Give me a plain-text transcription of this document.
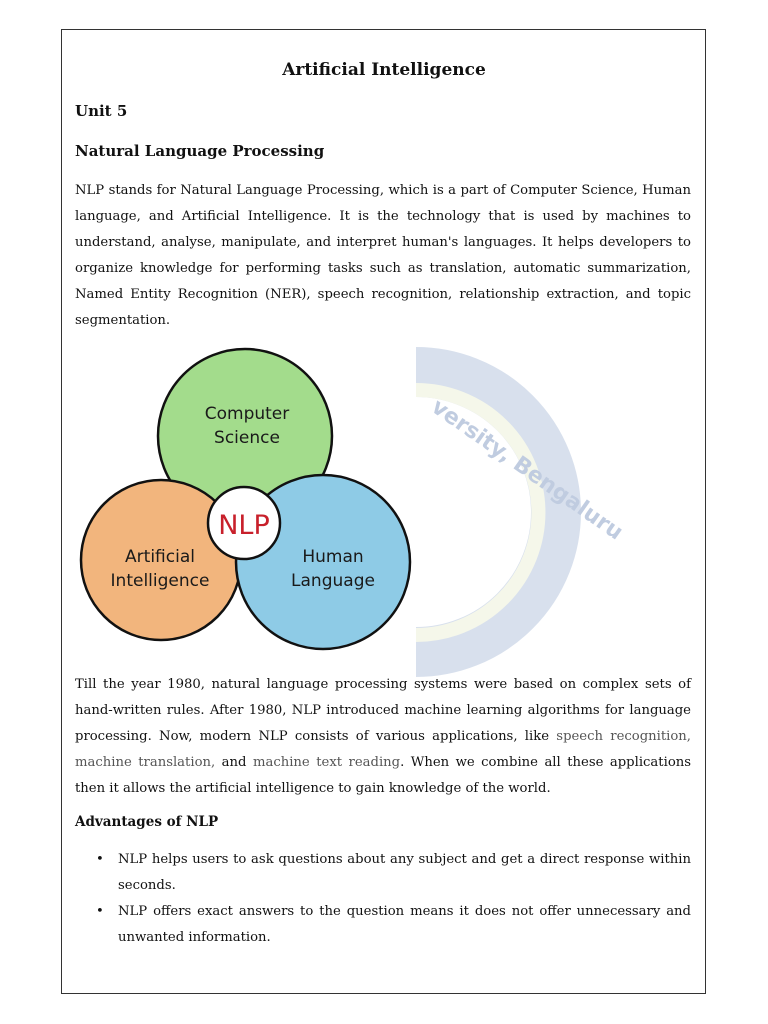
Artificial Intelligence
Unit 5
Natural Language Processing

NLP stands for Natural Language Processing, which is a part of Computer Science, Human language, and Artificial Intelligence. It is the technology that is used by machines to understand, analyse, manipulate, and interpret human's languages. It helps developers to organize knowledge for performing tasks such as translation, automatic summarization, Named Entity Recognition (NER), speech recognition, relationship extraction, and topic segmentation.

versity, Bengaluru
NLP
Computer
Science
Artificial
Intelligence
Human
Language

Till the year 1980, natural language processing systems were based on complex sets of hand-written rules. After 1980, NLP introduced machine learning algorithms for language processing. Now, modern NLP consists of various applications, like speech recognition, machine translation, and machine text reading. When we combine all these applications then it allows the artificial intelligence to gain knowledge of the world.

Advantages of NLP
• NLP helps users to ask questions about any subject and get a direct response within seconds.
• NLP offers exact answers to the question means it does not offer unnecessary and unwanted information.
